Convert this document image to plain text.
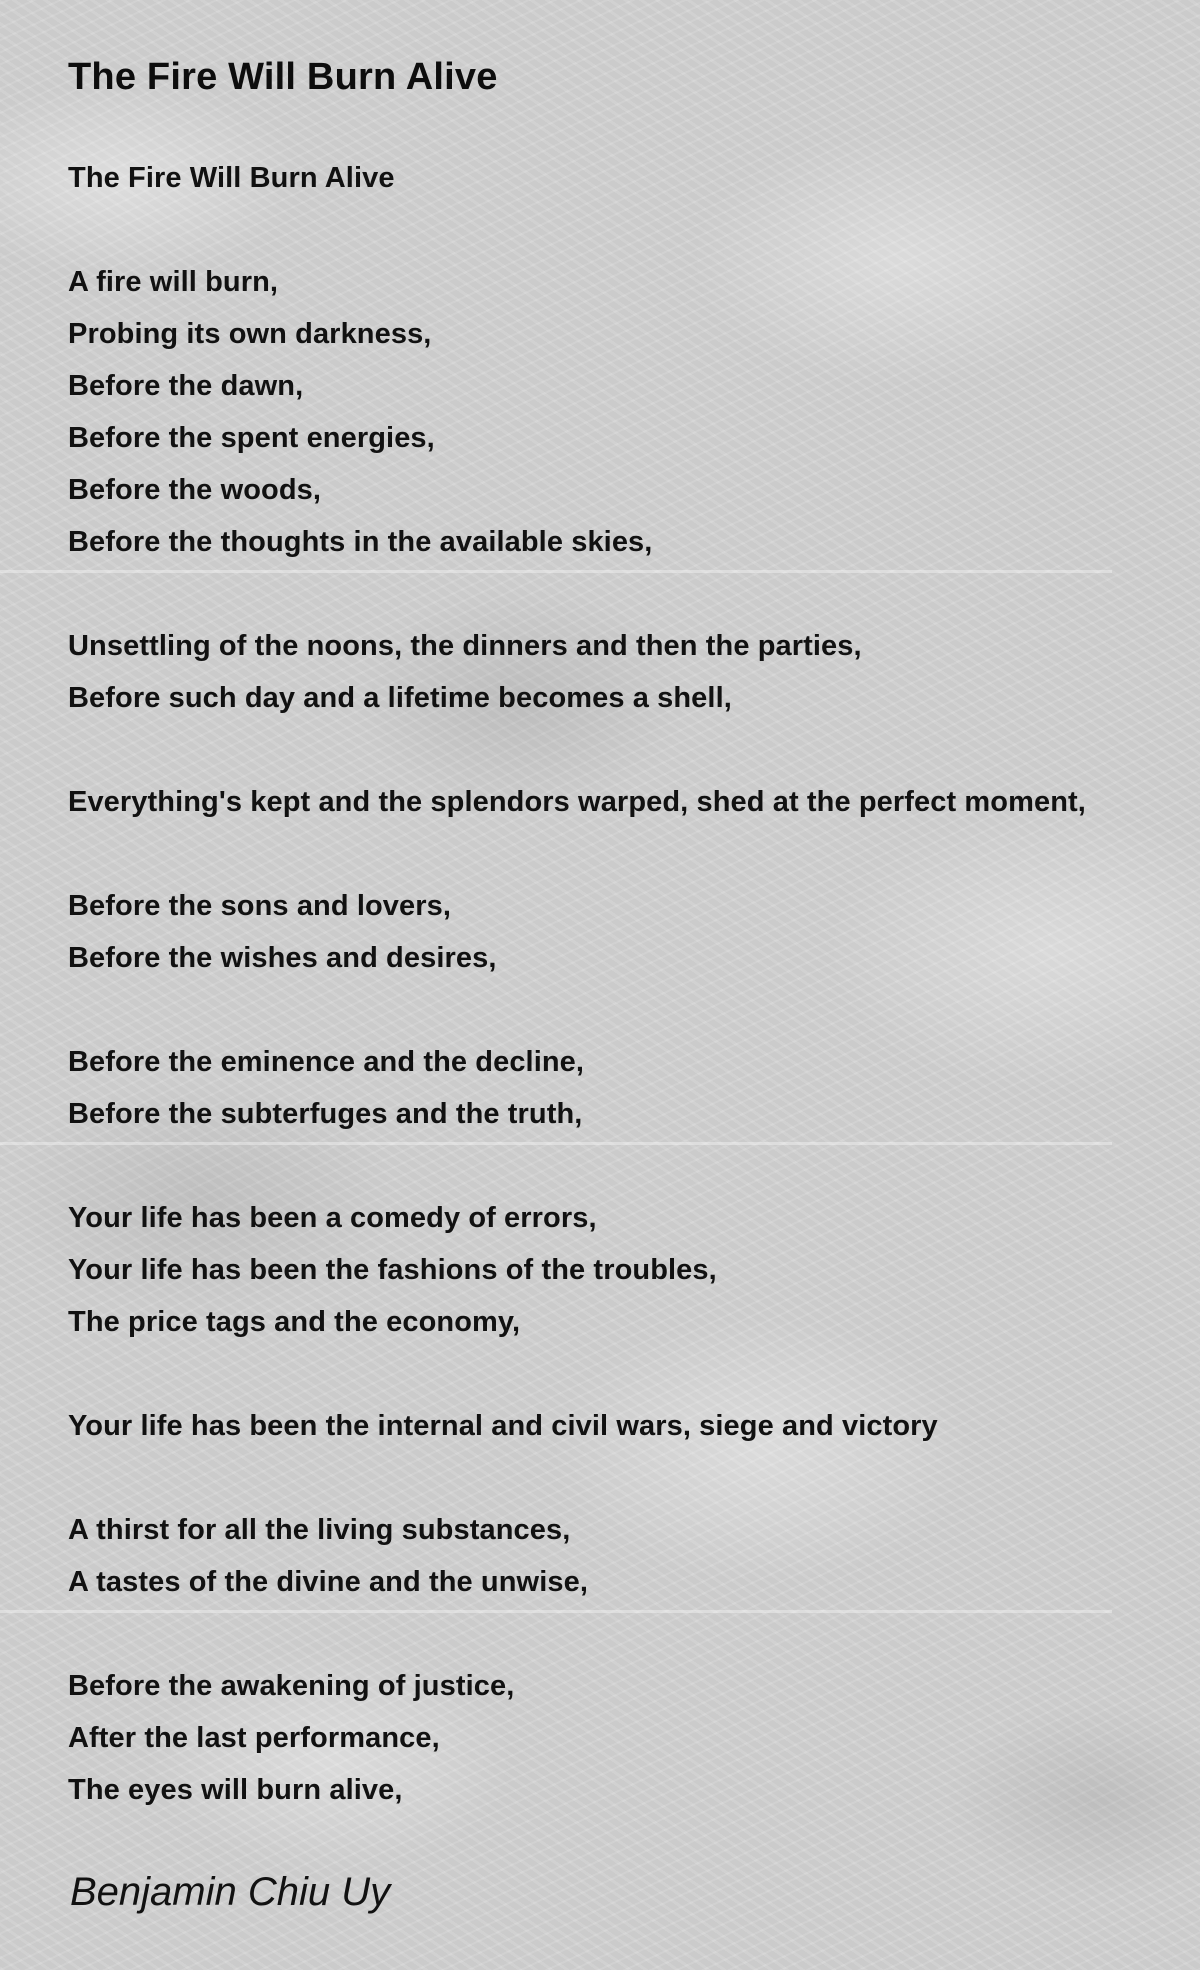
The Fire Will Burn Alive
The Fire Will Burn Alive
A fire will burn,
Probing its own darkness,
Before the dawn,
Before the spent energies,
Before the woods,
Before the thoughts in the available skies,
Unsettling of the noons, the dinners and then the parties,
Before such day and a lifetime becomes a shell,
Everything's kept and the splendors warped, shed at the perfect moment,
Before the sons and lovers,
Before the wishes and desires,
Before the eminence and the decline,
Before the subterfuges and the truth,
Your life has been a comedy of errors,
Your life has been the fashions of the troubles,
The price tags and the economy,
Your life has been the internal and civil wars, siege and victory
A thirst for all the living substances,
A tastes of the divine and the unwise,
Before the awakening of justice,
After the last performance,
The eyes will burn alive,
Benjamin Chiu Uy
